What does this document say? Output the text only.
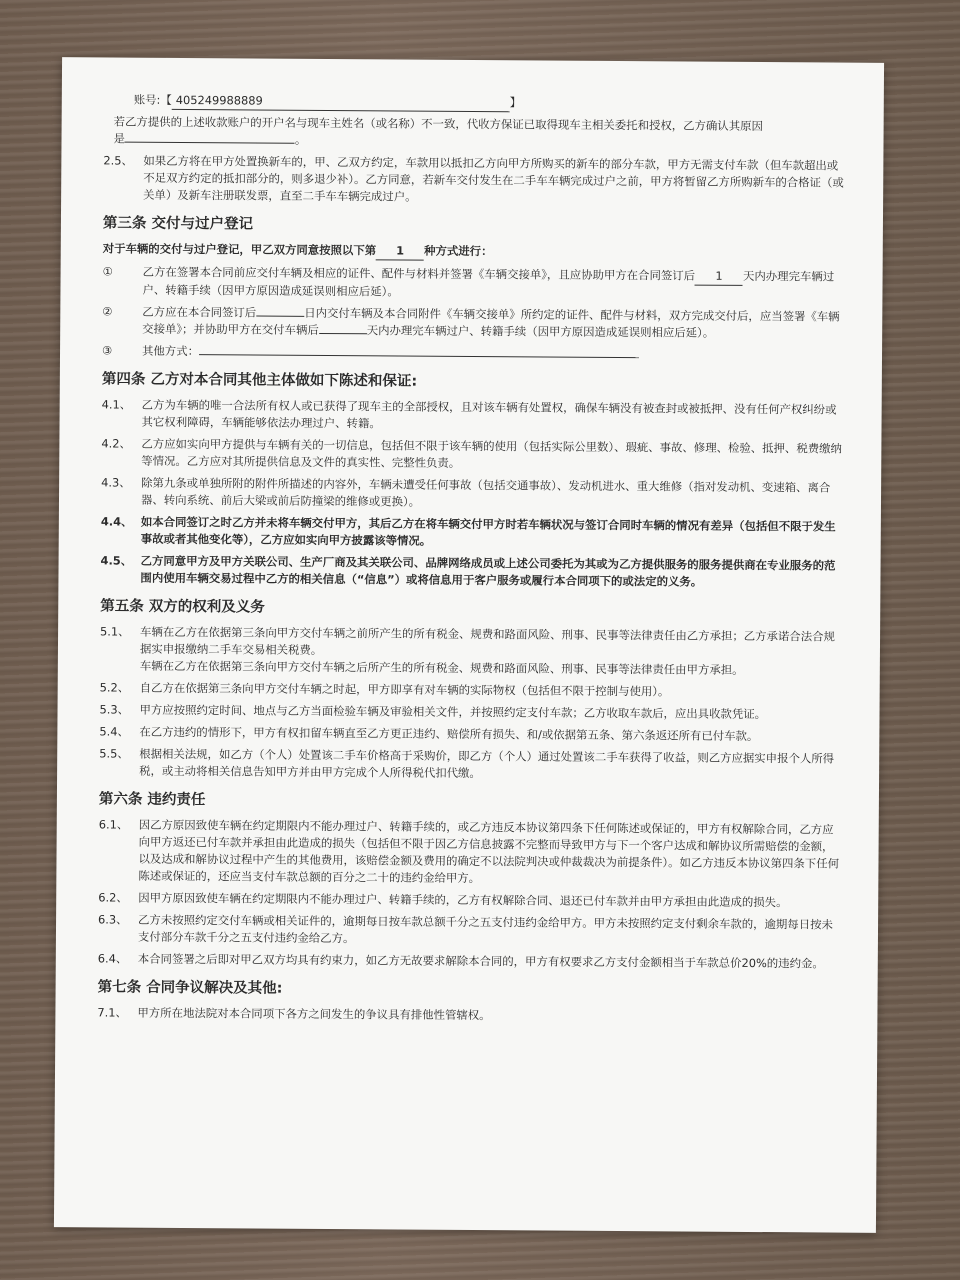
账号:【 405249988889	】

若乙方提供的上述收款账户的开户名与现车主姓名（或名称）不一致，代收方保证已取得现车主相关委托和授权，乙方确认其原因

是	。

2.5、 如果乙方将在甲方处置换新车的，甲、乙双方约定，车款用以抵扣乙方向甲方所购买的新车的部分车款，甲方无需支付车款（但车款超出或不足双方约定的抵扣部分的，则多退少补）。乙方同意，若新车交付发生在二手车车辆完成过户之前，甲方将暂留乙方所购新车的合格证（或关单）及新车注册联发票，直至二手车车辆完成过户。
第三条 交付与过户登记

对于车辆的交付与过户登记，甲乙双方同意按照以下第 1 种方式进行：

①	乙方在签署本合同前应交付车辆及相应的证件、配件与材料并签署《车辆交接单》，且应协助甲方在合同签订后 1 天内办理完车辆过户、转籍手续（因甲方原因造成延误则相应后延）。
②	乙方应在本合同签订后	日内交付车辆及本合同附件《车辆交接单》所约定的证件、配件与材料，双方完成交付后，应当签署《车辆交接单》；并协助甲方在交付车辆后	天内办理完车辆过户、转籍手续（因甲方原因造成延误则相应后延）。
③	其他方式：
第四条 乙方对本合同其他主体做如下陈述和保证:
4.1、 乙方为车辆的唯一合法所有权人或已获得了现车主的全部授权，且对该车辆有处置权，确保车辆没有被查封或被抵押、没有任何产权纠纷或其它权利障碍，车辆能够依法办理过户、转籍。
4.2、 乙方应如实向甲方提供与车辆有关的一切信息，包括但不限于该车辆的使用（包括实际公里数）、瑕疵、事故、修理、检验、抵押、税费缴纳等情况。乙方应对其所提供信息及文件的真实性、完整性负责。
4.3、 除第九条或单独所附的附件所描述的内容外，车辆未遭受任何事故（包括交通事故）、发动机进水、重大维修（指对发动机、变速箱、离合器、转向系统、前后大梁或前后防撞梁的维修或更换）。
4.4、 如本合同签订之时乙方并未将车辆交付甲方，其后乙方在将车辆交付甲方时若车辆状况与签订合同时车辆的情况有差异（包括但不限于发生事故或者其他变化等），乙方应如实向甲方披露该等情况。
4.5、 乙方同意甲方及甲方关联公司、生产厂商及其关联公司、品牌网络成员或上述公司委托为其或为乙方提供服务的服务提供商在专业服务的范围内使用车辆交易过程中乙方的相关信息（“信息”）或将信息用于客户服务或履行本合同项下的或法定的义务。
第五条 双方的权利及义务
5.1、 车辆在乙方在依据第三条向甲方交付车辆之前所产生的所有税金、规费和路面风险、刑事、民事等法律责任由乙方承担；乙方承诺合法合规据实申报缴纳二手车交易相关税费。
车辆在乙方在依据第三条向甲方交付车辆之后所产生的所有税金、规费和路面风险、刑事、民事等法律责任由甲方承担。
5.2、 自乙方在依据第三条向甲方交付车辆之时起，甲方即享有对车辆的实际物权（包括但不限于控制与使用）。
5.3、 甲方应按照约定时间、地点与乙方当面检验车辆及审验相关文件，并按照约定支付车款；乙方收取车款后，应出具收款凭证。
5.4、 在乙方违约的情形下，甲方有权扣留车辆直至乙方更正违约、赔偿所有损失、和/或依据第五条、第六条返还所有已付车款。
5.5、 根据相关法规，如乙方（个人）处置该二手车价格高于采购价，即乙方（个人）通过处置该二手车获得了收益，则乙方应据实申报个人所得税，或主动将相关信息告知甲方并由甲方完成个人所得税代扣代缴。
第六条 违约责任
6.1、 因乙方原因致使车辆在约定期限内不能办理过户、转籍手续的，或乙方违反本协议第四条下任何陈述或保证的，甲方有权解除合同，乙方应向甲方返还已付车款并承担由此造成的损失（包括但不限于因乙方信息披露不完整而导致甲方与下一个客户达成和解协议所需赔偿的金额，以及达成和解协议过程中产生的其他费用，该赔偿金额及费用的确定不以法院判决或仲裁裁决为前提条件）。如乙方违反本协议第四条下任何陈述或保证的，还应当支付车款总额的百分之二十的违约金给甲方。
6.2、 因甲方原因致使车辆在约定期限内不能办理过户、转籍手续的，乙方有权解除合同、退还已付车款并由甲方承担由此造成的损失。
6.3、 乙方未按照约定交付车辆或相关证件的，逾期每日按车款总额千分之五支付违约金给甲方。甲方未按照约定支付剩余车款的，逾期每日按未支付部分车款千分之五支付违约金给乙方。
6.4、 本合同签署之后即对甲乙双方均具有约束力，如乙方无故要求解除本合同的，甲方有权要求乙方支付金额相当于车款总价20%的违约金。
第七条 合同争议解决及其他:
7.1、 甲方所在地法院对本合同项下各方之间发生的争议具有排他性管辖权。
